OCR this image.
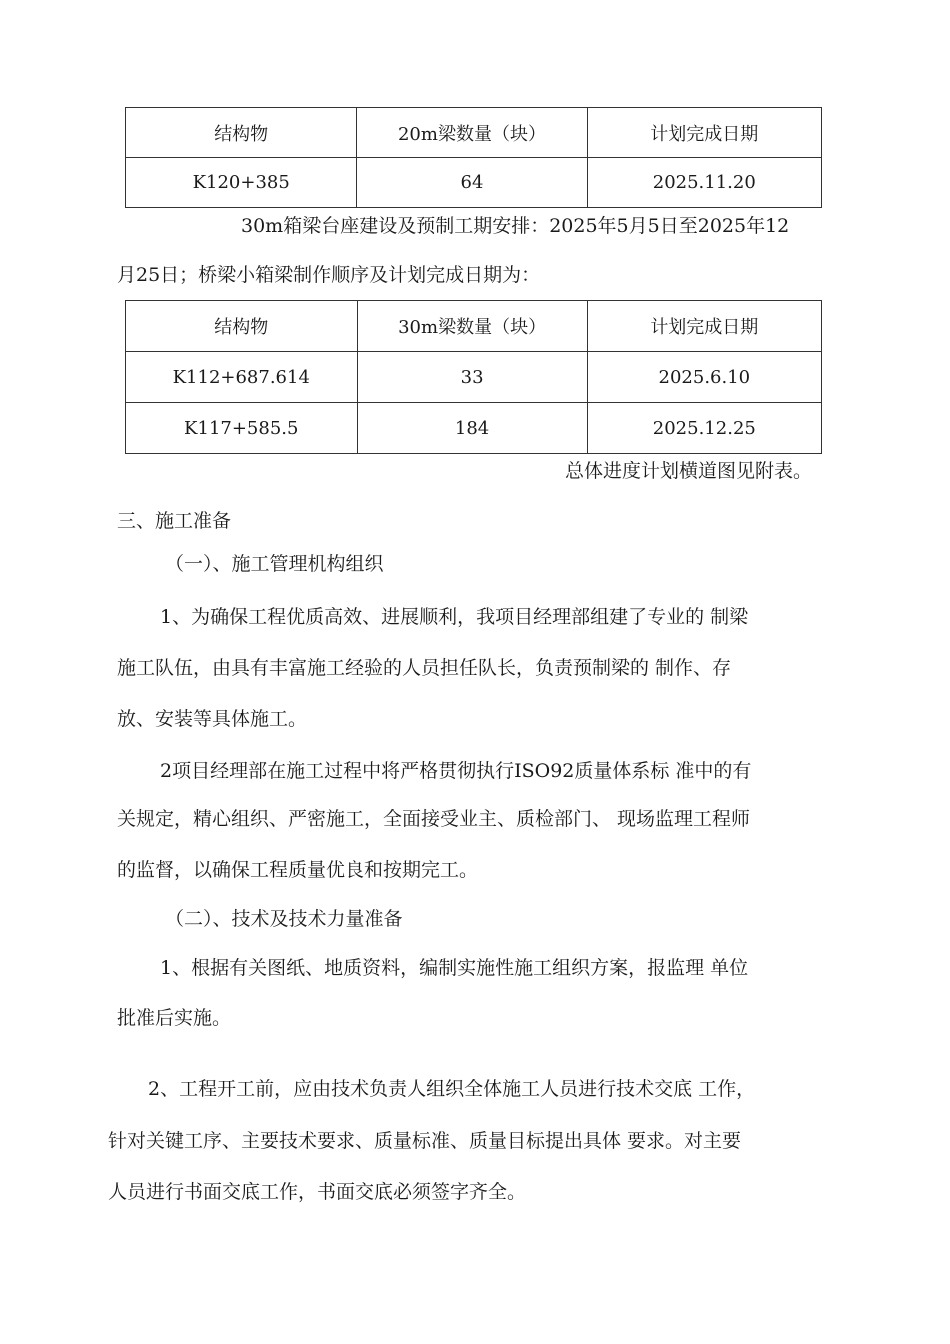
结构物	20m梁数量（块）	计划完成日期
K120+385	64	2025.11.20
30m箱梁台座建设及预制工期安排：2025年5月5日至2025年12
月25日；桥梁小箱梁制作顺序及计划完成日期为：
结构物	30m梁数量（块）	计划完成日期
K112+687.614	33	2025.6.10
K117+585.5	184	2025.12.25
总体进度计划横道图见附表。
三、施工准备
（一）、施工管理机构组织
1、为确保工程优质高效、进展顺利，我项目经理部组建了专业的 制梁
施工队伍，由具有丰富施工经验的人员担任队长，负责预制梁的 制作、存
放、安装等具体施工。
2项目经理部在施工过程中将严格贯彻执行ISO92质量体系标 准中的有
关规定，精心组织、严密施工，全面接受业主、质检部门、 现场监理工程师
的监督，以确保工程质量优良和按期完工。
（二）、技术及技术力量准备
1、根据有关图纸、地质资料，编制实施性施工组织方案，报监理 单位
批准后实施。
2、工程开工前，应由技术负责人组织全体施工人员进行技术交底 工作，
针对关键工序、主要技术要求、质量标准、质量目标提出具体 要求。对主要
人员进行书面交底工作，书面交底必须签字齐全。
